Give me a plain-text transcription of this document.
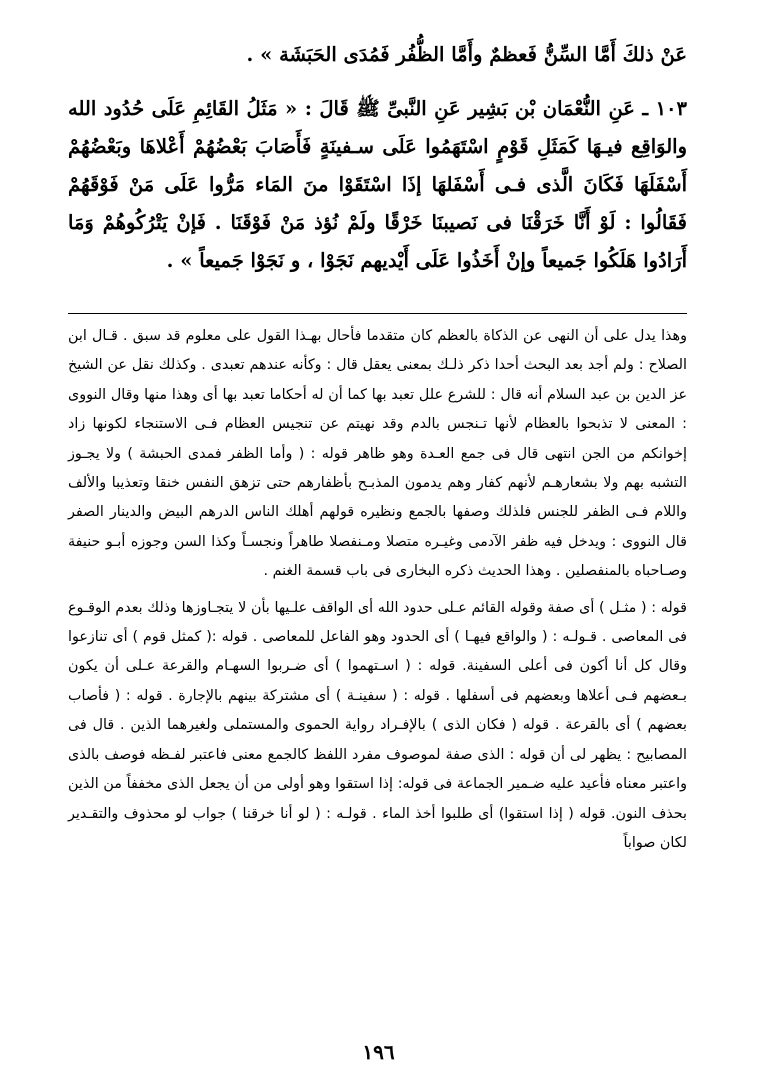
عَنْ ذلكَ أَمَّا السِّنُّ فَعظمٌ وأَمَّا الظُّفُر فَمُدَى الحَبَشَة » .

١٠٣ ـ عَنِ النُّعْمَان بْن بَشِير عَنِ النَّبىِّ ﷺ قَالَ : « مَثَلُ القَائِمِ عَلَى حُدُود الله والوَاقِع فيـهَا كَمَثَلِ قَوْمٍ اسْتَهَمُوا عَلَى سـفينَةٍ فَأَصَابَ بَعْضُهُمْ أَعْلاهَا وبَعْضُهُمْ أَسْفَلَهَا فَكَانَ الَّذى فـى أَسْفَلهَا إذَا اسْتَقَوْا منَ المَاء مَرُّوا عَلَى مَنْ فَوْقَهُمْ فَقَالُوا : لَوْ أَنَّا خَرَقْنَا فى نَصيبنَا خَرْقًا ولَمْ نُؤذ مَنْ فَوْقَنَا . فَإنْ يَتْرُكُوهُمْ وَمَا أَرَادُوا هَلَكُوا جَميعاً وإنْ أَخَذُوا عَلَى أَيْديهم نَجَوْا ، و نَجَوْا جَميعاً » .

وهذا يدل على أن النهى عن الذكاة بالعظم كان متقدما فأحال بهـذا القول على معلوم قد سبق . قـال ابن الصلاح : ولم أجد بعد البحث أحدا ذكر ذلـك بمعنى يعقل قال : وكأنه عندهم تعبدى . وكذلك نقل عن الشيخ عز الدين بن عبد السلام أنه قال : للشرع علل تعبد بها كما أن له أحكاما تعبد بها أى وهذا منها وقال النووى : المعنى لا تذبحوا بالعظام لأنها تـنجس بالدم وقد نهيتم عن تنجيس العظام فـى الاستنجاء لكونها زاد إخوانكم من الجن انتهى قال فى جمع العـدة وهو ظاهر قوله : ( وأما الظفر فمدى الحبشة ) ولا يجـوز التشبه بهم ولا بشعارهـم لأنهم كفار وهم يدمون المذبـح بأظفارهم حتى تزهق النفس خنقا وتعذيبا والألف واللام فـى الظفر للجنس فلذلك وصفها بالجمع ونظيره قولهم أهلك الناس الدرهم البيض والدينار الصفر قال النووى : ويدخل فيه ظفر الآدمى وغيـره متصلا ومـنفصلا طاهراً ونجسـاً وكذا السن وجوزه أبـو حنيفة وصـاحباه بالمنفصلين . وهذا الحديث ذكره البخارى فى باب قسمة الغنم .

قوله : ( مثـل ) أى صفة وقوله القائم عـلى حدود الله أى الواقف علـيها بأن لا يتجـاوزها وذلك بعدم الوقـوع فى المعاصى . قـولـه : ( والواقع فيهـا ) أى الحدود وهو الفاعل للمعاصى . قوله :( كمثل قوم ) أى تنازعوا وقال كل أنا أكون فى أعلى السفينة. قوله : ( اسـتهموا ) أى ضـربوا السهـام والقرعة عـلى أن يكون بـعضهم فـى أعلاها وبعضهم فى أسفلها . قوله : ( سفينـة ) أى مشتركة بينهم بالإجارة . قوله : ( فأصاب بعضهم ) أى بالقرعة . قوله ( فكان الذى ) بالإفـراد رواية الحموى والمستملى ولغيرهما الذين . قال فى المصابيح : يظهر لى أن قوله : الذى صفة لموصوف مفرد اللفظ كالجمع معنى فاعتبر لفـظه فوصف بالذى واعتبر معناه فأعيد عليه ضـمير الجماعة فى قوله: إذا استقوا وهو أولى من أن يجعل الذى مخففاً من الذين بحذف النون. قوله ( إذا استقوا) أى طلبوا أخذ الماء . قولـه : ( لو أنا خرقنا ) جواب لو محذوف والتقـدير لكان صواباً

١٩٦
